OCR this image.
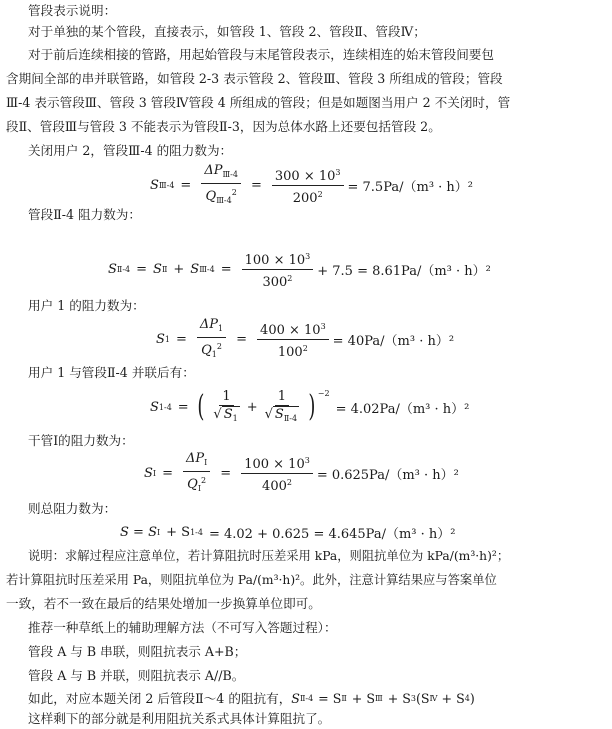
管段表示说明：
对于单独的某个管段，直接表示，如管段 1、管段 2、管段Ⅱ、管段Ⅳ；
对于前后连续相接的管路，用起始管段与末尾管段表示，连续相连的始末管段间要包
含期间全部的串并联管路，如管段 2-3 表示管段 2、管段Ⅲ、管段 3 所组成的管段；管段
Ⅲ-4 表示管段Ⅲ、管段 3 管段Ⅳ管段 4 所组成的管段；但是如题图当用户 2 不关闭时，管
段Ⅱ、管段Ⅲ与管段 3 不能表示为管段Ⅱ-3，因为总体水路上还要包括管段 2。
关闭用户 2，管段Ⅲ-4 的阻力数为：
S Ⅲ-4 = $\frac{\Delta P_{Ⅲ-4}}{Q_{Ⅲ-4}^2} = \frac{300 \times 10^3}{200^2} = 7.5Pa/(m^3 \cdot h)^2$
管段Ⅱ-4 阻力数为：
S Ⅱ-4 = S Ⅱ + S Ⅲ-4 = $\frac{100 \times 10^3}{300^2} + 7.5 = 8.61Pa/(m^3 \cdot h)^2$
用户 1 的阻力数为：
S $1 = \frac{\Delta P_1}{Q_1^2} = \frac{400 \times 10^3}{100^2} = 40Pa/(m^3 \cdot h)^2$
用户 1 与管段Ⅱ-4 并联后有：
S 1-4 = ( $\frac{1}{√ S_1} + \frac{1}{√ S_{Ⅱ-4}}$ ) $^{-2}$
= 4.02Pa/（m³ · h）²
干管Ⅰ的阻力数为：
S Ⅰ = $\frac{\Delta P_Ⅰ}{Q_Ⅰ^2} = \frac{100 \times 10^3}{400^2} = 0.625Pa/(m^3 \cdot h)^2$
则总阻力数为：
S = S Ⅰ + S 1-4 = 4.02 + 0.625 = 4.645Pa/（m³ · h）²
说明：求解过程应注意单位，若计算阻抗时压差采用 kPa，则阻抗单位为 kPa/(m³·h)²；
若计算阻抗时压差采用 Pa，则阻抗单位为 Pa/(m³·h)²。此外，注意计算结果应与答案单位
一致，若不一致在最后的结果处增加一步换算单位即可。
推荐一种草纸上的辅助理解方法（不可写入答题过程）：
管段 A 与 B 串联，则阻抗表示 A+B；
管段 A 与 B 并联，则阻抗表示 A//B。
如此，对应本题关闭 2 后管段Ⅱ～4 的阻抗有， S Ⅱ-4 = S Ⅱ + S Ⅲ + S 3 (S Ⅳ + S 4 )
这样剩下的部分就是利用阻抗关系式具体计算阻抗了。
